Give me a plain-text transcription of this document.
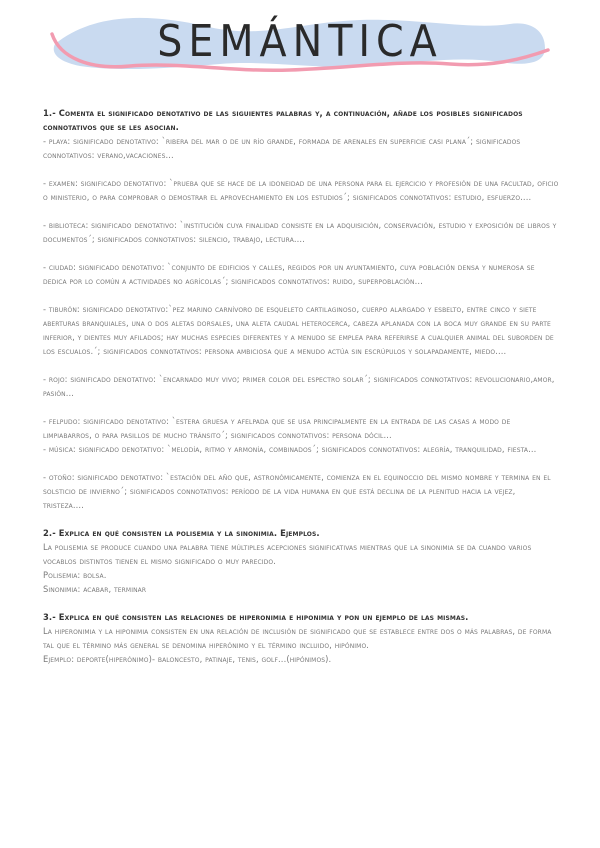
SEMÁNTICA

1.- Comenta el significado denotativo de las siguientes palabras y, a continuación, añade los posibles significados connotativos que se les asocian.

- playa: significado denotativo: `ribera del mar o de un río grande, formada de arenales en superficie casi plana´; significados connotativos: verano,vacaciones...

- examen: significado denotativo: `prueba que se hace de la idoneidad de una persona para el ejercicio y profesión de una facultad, oficio o ministerio, o para comprobar o demostrar el aprovechamiento en los estudios´; significados connotativos: estudio, esfuerzo....

- biblioteca: significado denotativo: `institución cuya finalidad consiste en la adquisición, conservación, estudio y exposición de libros y documentos´; significados connotativos: silencio, trabajo, lectura....

- ciudad: significado denotativo: `conjunto de edificios y calles, regidos por un ayuntamiento, cuya población densa y numerosa se dedica por lo común a actividades no agrícolas´; significados connotativos: ruido, superpoblación...

- tiburón: significado denotativo:`pez marino carnívoro de esqueleto cartilaginoso, cuerpo alargado y esbelto, entre cinco y siete aberturas branquiales, una o dos aletas dorsales, una aleta caudal heterocerca, cabeza aplanada con la boca muy grande en su parte inferior, y dientes muy afilados; hay muchas especies diferentes y a menudo se emplea para referirse a cualquier animal del suborden de los escualos.´; significados connotativos: persona ambiciosa que a menudo actúa sin escrúpulos y solapadamente, miedo....

- rojo: significado denotativo: `encarnado muy vivo; primer color del espectro solar´; significados connotativos: revolucionario,amor, pasión...

- felpudo: significado denotativo: `estera gruesa y afelpada que se usa principalmente en la entrada de las casas a modo de limpiabarros, o para pasillos de mucho tránsito´; significados connotativos: persona dócil...

- música: significado denotativo: `melodía, ritmo y armonía, combinados´; significados connotativos: alegría, tranquilidad, fiesta...

- otoño: significado denotativo: `estación del año que, astronómicamente, comienza en el equinoccio del mismo nombre y termina en el solsticio de invierno´; significados connotativos: período de la vida humana en que está declina de la plenitud hacia la vejez, tristeza....

2.- Explica en qué consisten la polisemia y la sinonimia. Ejemplos.

La polisemia se produce cuando una palabra tiene múltiples acepciones significativas mientras que la sinonimia se da cuando varios vocablos distintos tienen el mismo significado o muy parecido.

Polisemia: bolsa.

Sinonimia: acabar, terminar

3.- Explica en qué consisten las relaciones de hiperonimia e hiponimia y pon un ejemplo de las mismas.

La hiperonimia y la hiponimia consisten en una relación de inclusión de significado que se establece entre dos o más palabras, de forma tal que el término más general se denomina hiperónimo y el término incluido, hipónimo.

Ejemplo: deporte(hiperónimo)- baloncesto, patinaje, tenis, golf...(hipónimos).
